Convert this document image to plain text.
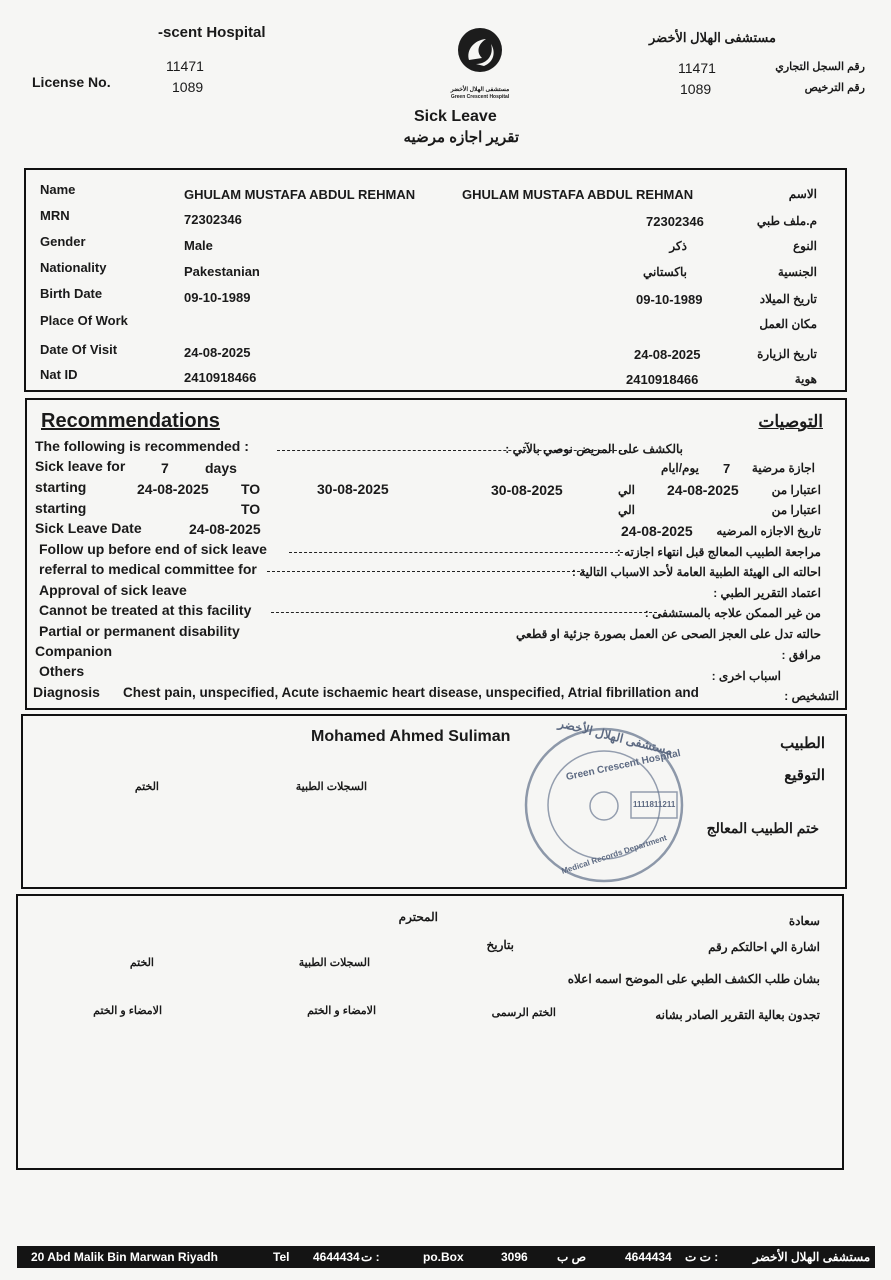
-scent Hospital
11471
License No.	1089
مستشفى الهلال الأخضر
11471	رقم السجل التجاري
1089	رقم الترخيص
مستشفى الهلال الأخضر
Green Crescent Hospital
Sick Leave
تقرير اجازه مرضيه
Name	GHULAM MUSTAFA ABDUL REHMAN	GHULAM MUSTAFA ABDUL REHMAN	الاسم
MRN	72302346	72302346	م.ملف طبي
Gender	Male	ذكر	النوع
Nationality	Pakestanian	باكستاني	الجنسية
Birth Date	09-10-1989	09-10-1989	تاريخ الميلاد
Place Of Work	مكان العمل
Date Of Visit	24-08-2025	24-08-2025	تاريخ الزيارة
Nat ID	2410918466	2410918466	هوية
Recommendations	التوصيات
The following is recommended :	بالكشف على المريض نوصي بالآتي :
Sick leave for	7	days	يوم/ايام 7 اجازة مرضية
starting	24-08-2025 TO	30-08-2025	30-08-2025	الي 24-08-2025	اعتبارا من
starting	TO	الي	اعتبارا من
Sick Leave Date	24-08-2025	24-08-2025 تاريخ الاجازه المرضيه
Follow up before end of sick leave	مراجعة الطبيب المعالج قبل انتهاء اجازته :
referral to medical committee for	احالته الى الهيئة الطبية العامة لأحد الاسباب التالية :
Approval of sick leave	اعتماد التقرير الطبي :
Cannot be treated at this facility	من غير الممكن علاجه بالمستشفى :
Partial or permanent disability	حالته تدل على العجز الصحى عن العمل بصورة جزئية او قطعي
Companion	مرافق :
Others	اسباب اخرى :
Diagnosis Chest pain, unspecified, Acute ischaemic heart disease, unspecified, Atrial fibrillation and	التشخيص :
Mohamed Ahmed Suliman	الطبيب
التوقيع
ختم الطبيب المعالج
السجلات الطبية
الختم
مستشفى الهلال الأخضر
Green Crescent Hospital
1111811211
Medical Records Department
المحترم	سعادة
بتاريخ	اشارة الي احالتكم رقم
السجلات الطبية
الختم
بشان طلب الكشف الطبي على الموضح اسمه اعلاه
الختم الرسمى
الامضاء و الختم
الامضاء و الختم	تجدون بعالية التقرير الصادر بشانه
20 Abd Malik Bin Marwan Riyadh	Tel 4644434 : ت	po.Box	3096 ص ب	4644434 ت ت :	مستشفى الهلال الأخضر
